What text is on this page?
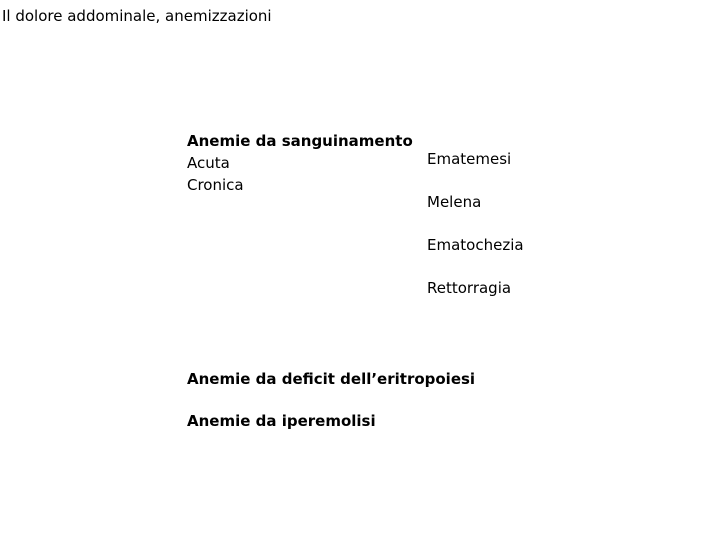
Il dolore addominale, anemizzazioni
Anemie da sanguinamento
Acuta
Cronica
Ematemesi
Melena
Ematochezia
Rettorragia
Anemie da deficit dell’eritropoiesi
Anemie da iperemolisi
